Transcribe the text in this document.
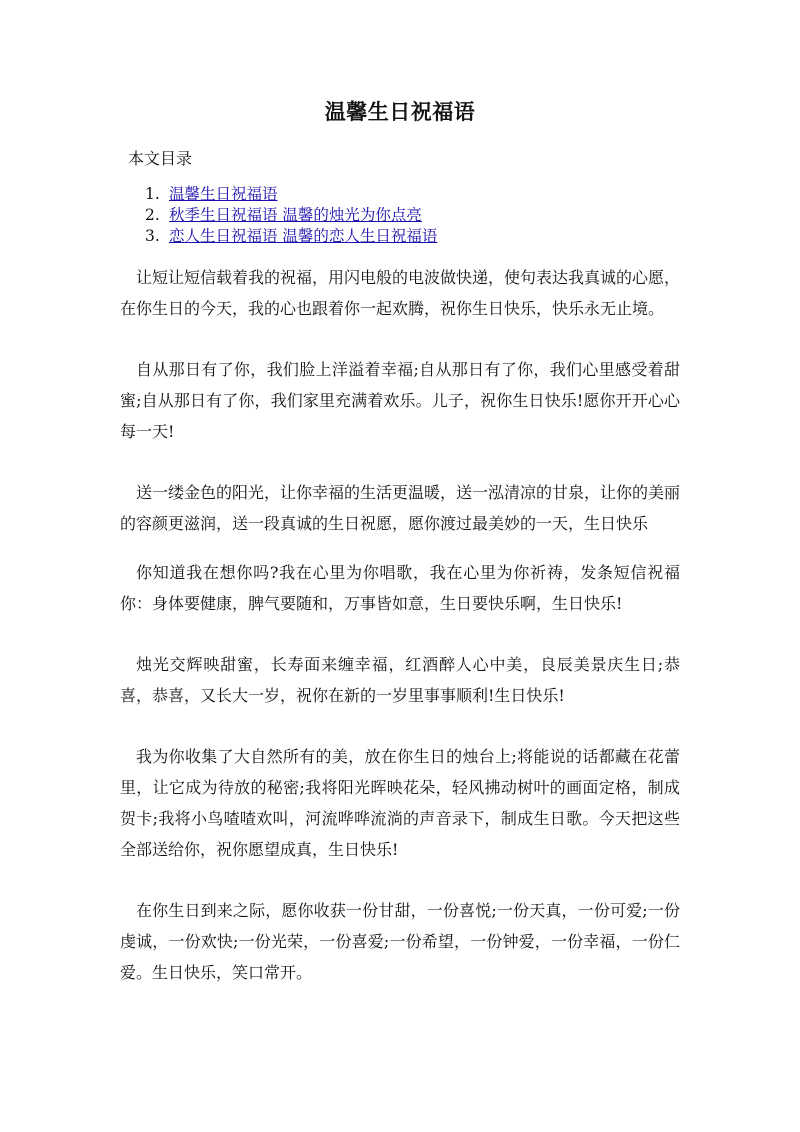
温馨生日祝福语
本文目录
1. 温馨生日祝福语
2. 秋季生日祝福语 温馨的烛光为你点亮
3. 恋人生日祝福语 温馨的恋人生日祝福语

让短让短信载着我的祝福，用闪电般的电波做快递，使句表达我真诚的心愿，在你生日的今天，我的心也跟着你一起欢腾，祝你生日快乐，快乐永无止境。

自从那日有了你，我们脸上洋溢着幸福;自从那日有了你，我们心里感受着甜蜜;自从那日有了你，我们家里充满着欢乐。儿子，祝你生日快乐!愿你开开心心每一天!

送一缕金色的阳光，让你幸福的生活更温暖，送一泓清凉的甘泉，让你的美丽的容颜更滋润，送一段真诚的生日祝愿，愿你渡过最美妙的一天，生日快乐

你知道我在想你吗?我在心里为你唱歌，我在心里为你祈祷，发条短信祝福你：身体要健康，脾气要随和，万事皆如意，生日要快乐啊，生日快乐!

烛光交辉映甜蜜，长寿面来缠幸福，红酒醉人心中美，良辰美景庆生日;恭喜，恭喜，又长大一岁，祝你在新的一岁里事事顺利!生日快乐!

我为你收集了大自然所有的美，放在你生日的烛台上;将能说的话都藏在花蕾里，让它成为待放的秘密;我将阳光晖映花朵，轻风拂动树叶的画面定格，制成贺卡;我将小鸟喳喳欢叫，河流哗哗流淌的声音录下，制成生日歌。今天把这些全部送给你，祝你愿望成真，生日快乐!

在你生日到来之际，愿你收获一份甘甜，一份喜悦;一份天真，一份可爱;一份虔诚，一份欢快;一份光荣，一份喜爱;一份希望，一份钟爱，一份幸福，一份仁爱。生日快乐，笑口常开。
